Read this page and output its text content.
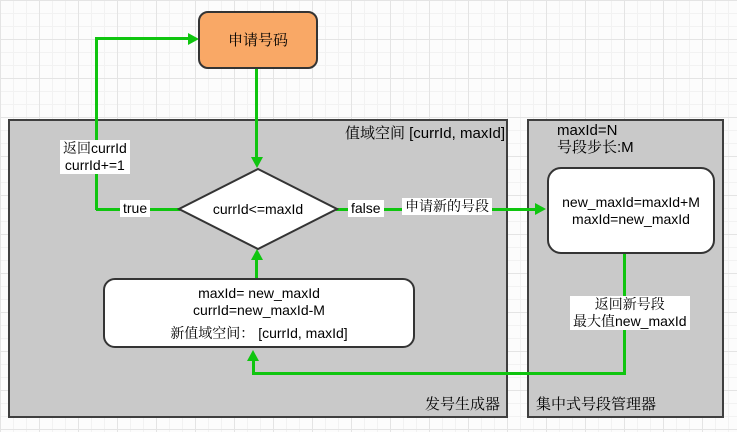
值域空间 [currId, maxId]	maxId=N
号段步长:M
发号生成器 集中式号段管理器
申请号码
currId<=maxId
maxId= new_maxId
currId=new_maxId-M
新值域空间： [currId, maxId]
new_maxId=maxId+M
maxId=new_maxId
返回currId
currId+=1
true	false 申请新的号段
返回新号段
最大值new_maxId
